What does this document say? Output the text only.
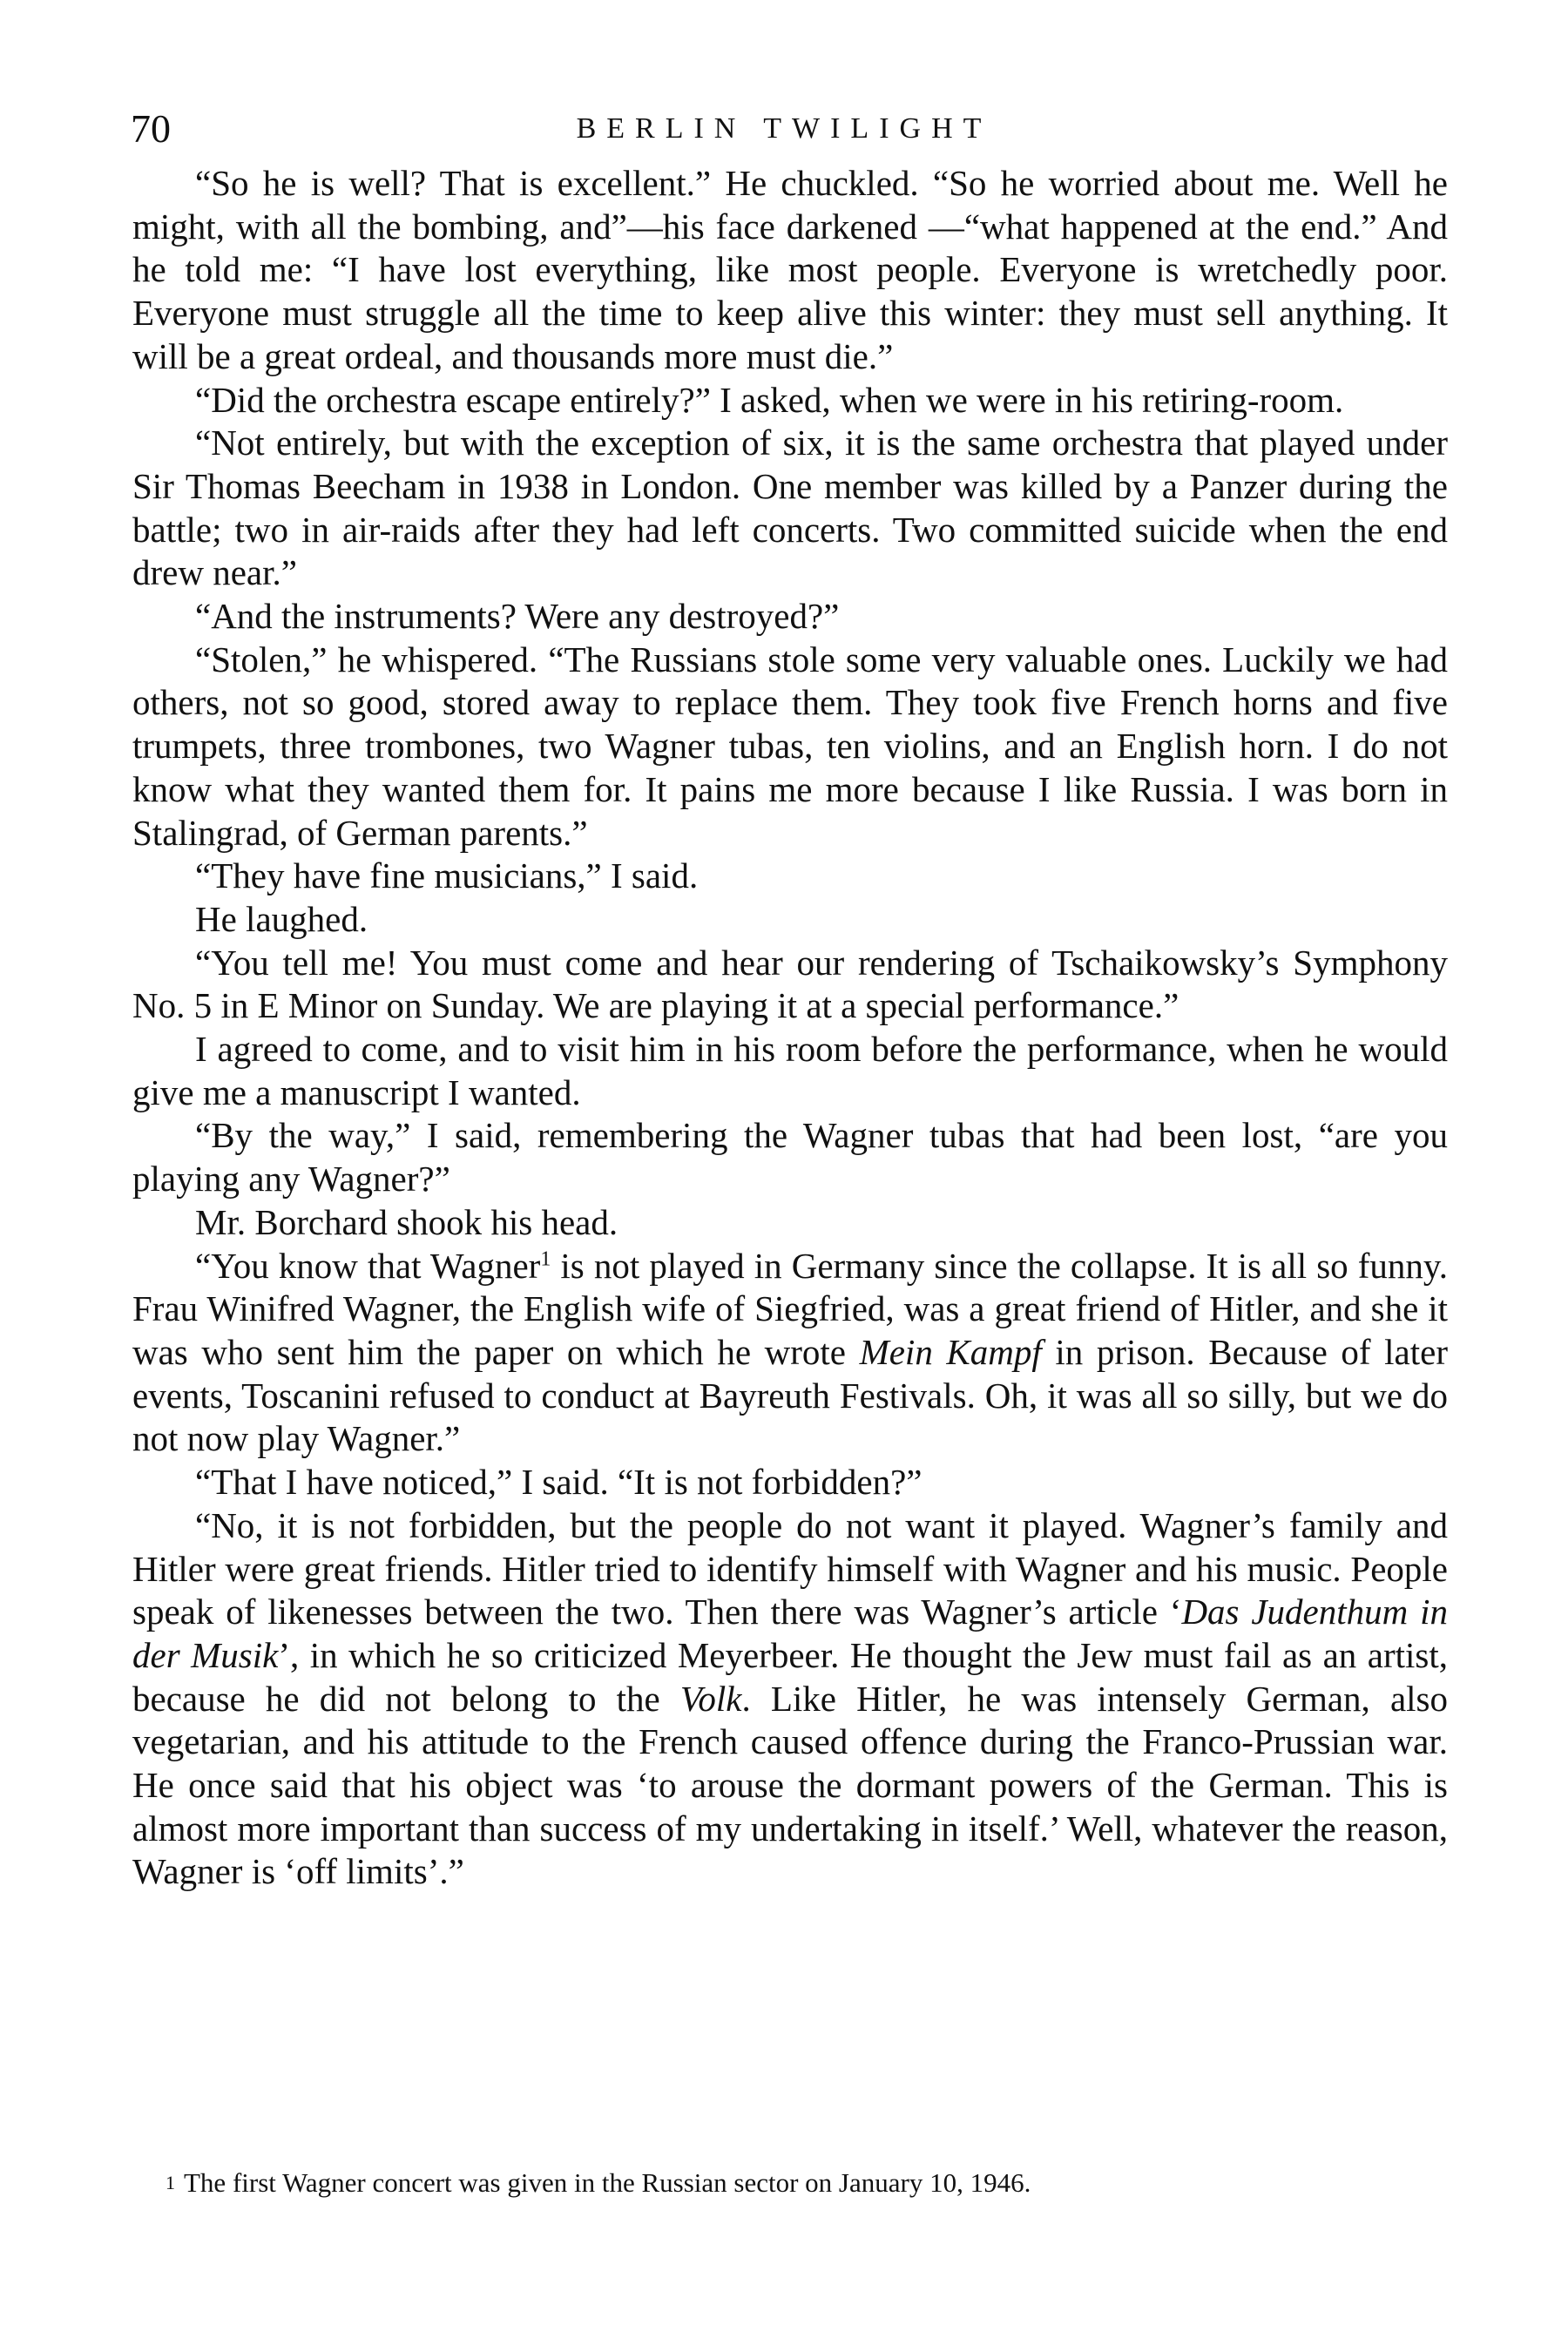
70	BERLIN TWILIGHT

“So he is well? That is excellent.” He chuckled. “So he worried about me. Well he might, with all the bombing, and”—his face darkened —“what happened at the end.” And he told me: “I have lost everything, like most people. Everyone is wretchedly poor. Everyone must struggle all the time to keep alive this winter: they must sell anything. It will be a great ordeal, and thousands more must die.”

“Did the orchestra escape entirely?” I asked, when we were in his retiring-room.

“Not entirely, but with the exception of six, it is the same orchestra that played under Sir Thomas Beecham in 1938 in London. One member was killed by a Panzer during the battle; two in air-raids after they had left concerts. Two committed suicide when the end drew near.”

“And the instruments? Were any destroyed?”

“Stolen,” he whispered. “The Russians stole some very valuable ones. Luckily we had others, not so good, stored away to replace them. They took five French horns and five trumpets, three trombones, two Wagner tubas, ten violins, and an English horn. I do not know what they wanted them for. It pains me more because I like Russia. I was born in Stalingrad, of German parents.”

“They have fine musicians,” I said.

He laughed.

“You tell me! You must come and hear our rendering of Tschaikowsky’s Symphony No. 5 in E Minor on Sunday. We are playing it at a special performance.”

I agreed to come, and to visit him in his room before the performance, when he would give me a manuscript I wanted.

“By the way,” I said, remembering the Wagner tubas that had been lost, “are you playing any Wagner?”

Mr. Borchard shook his head.

“You know that Wagner$^1$ is not played in Germany since the collapse. It is all so funny. Frau Winifred Wagner, the English wife of Siegfried, was a great friend of Hitler, and she it was who sent him the paper on which he wrote Mein Kampf in prison. Because of later events, Toscanini refused to conduct at Bayreuth Festivals. Oh, it was all so silly, but we do not now play Wagner.”

“That I have noticed,” I said. “It is not forbidden?”

“No, it is not forbidden, but the people do not want it played. Wagner’s family and Hitler were great friends. Hitler tried to identify himself with Wagner and his music. People speak of likenesses between the two. Then there was Wagner’s article ‘Das Judenthum in der Musik’, in which he so criticized Meyerbeer. He thought the Jew must fail as an artist, because he did not belong to the Volk. Like Hitler, he was intensely German, also vegetarian, and his attitude to the French caused offence during the Franco-Prussian war. He once said that his object was ‘to arouse the dormant powers of the German. This is almost more important than success of my undertaking in itself.’ Well, whatever the reason, Wagner is ‘off limits’.”

$^1$ The first Wagner concert was given in the Russian sector on January 10, 1946.
